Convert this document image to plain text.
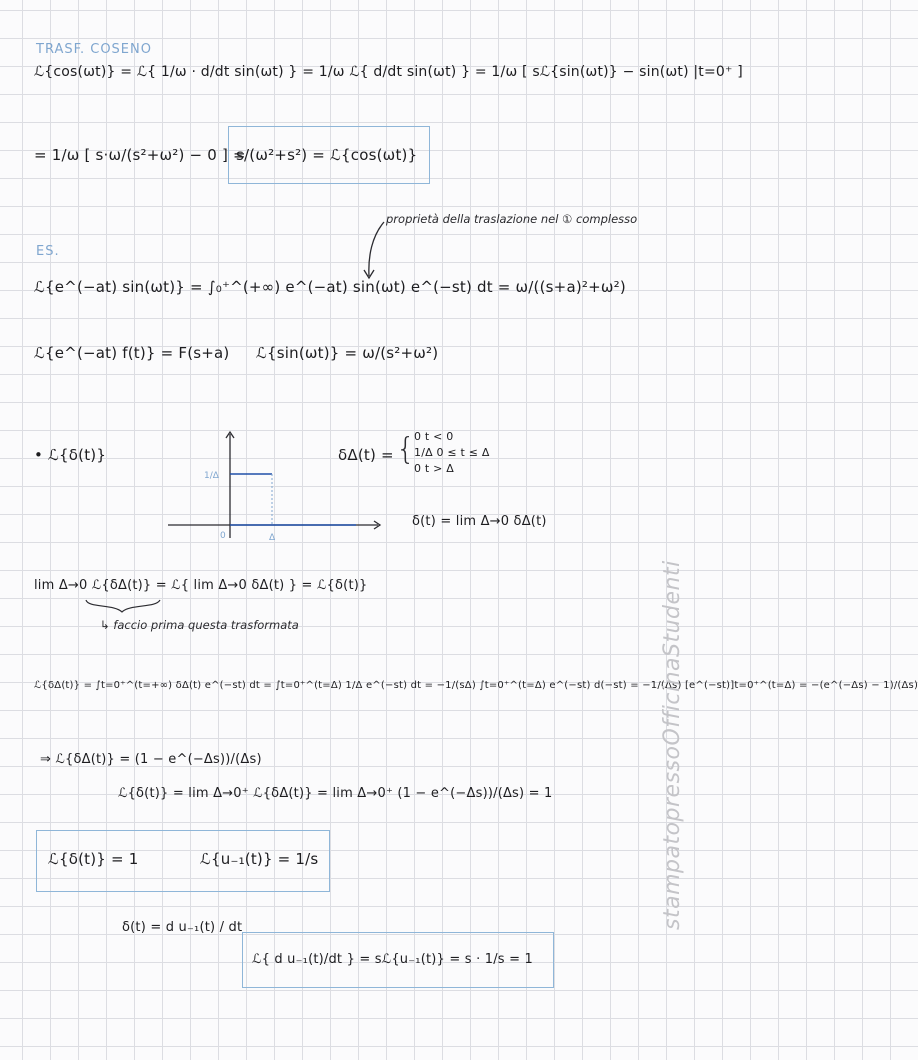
TRASF. COSENO
ℒ{cos(ωt)} = ℒ{ 1/ω · d/dt sin(ωt) } = 1/ω ℒ{ d/dt sin(ωt) } = 1/ω [ sℒ{sin(ωt)} − sin(ωt) |t=0⁺ ]
= 1/ω [ s·ω/(s²+ω²) − 0 ] =
s/(ω²+s²) = ℒ{cos(ωt)}
proprietà della traslazione nel ① complesso
ES.
ℒ{e^(−at) sin(ωt)} = ∫₀⁺^(+∞) e^(−at) sin(ωt) e^(−st) dt = ω/((s+a)²+ω²)
ℒ{e^(−at) f(t)} = F(s+a) ℒ{sin(ωt)} = ω/(s²+ω²)
• ℒ{δ(t)}
1/Δ
0	Δ
δΔ(t) = {
0 t < 0
1/Δ 0 ≤ t ≤ Δ
0 t > Δ
δ(t) = lim Δ→0 δΔ(t)
lim Δ→0 ℒ{δΔ(t)} = ℒ{ lim Δ→0 δΔ(t) } = ℒ{δ(t)}
↳ faccio prima questa trasformata
ℒ{δΔ(t)} = ∫t=0⁺^(t=+∞) δΔ(t) e^(−st) dt = ∫t=0⁺^(t=Δ) 1/Δ e^(−st) dt = −1/(sΔ) ∫t=0⁺^(t=Δ) e^(−st) d(−st) = −1/(Δs) [e^(−st)]t=0⁺^(t=Δ) = −(e^(−Δs) − 1)/(Δs)
⇒ ℒ{δΔ(t)} = (1 − e^(−Δs))/(Δs)
ℒ{δ(t)} = lim Δ→0⁺ ℒ{δΔ(t)} = lim Δ→0⁺ (1 − e^(−Δs))/(Δs) = 1
ℒ{δ(t)} = 1	ℒ{u₋₁(t)} = 1/s
δ(t) = d u₋₁(t) / dt
ℒ{ d u₋₁(t)/dt } = sℒ{u₋₁(t)} = s · 1/s = 1
stampatopressoOfficinaStudenti
